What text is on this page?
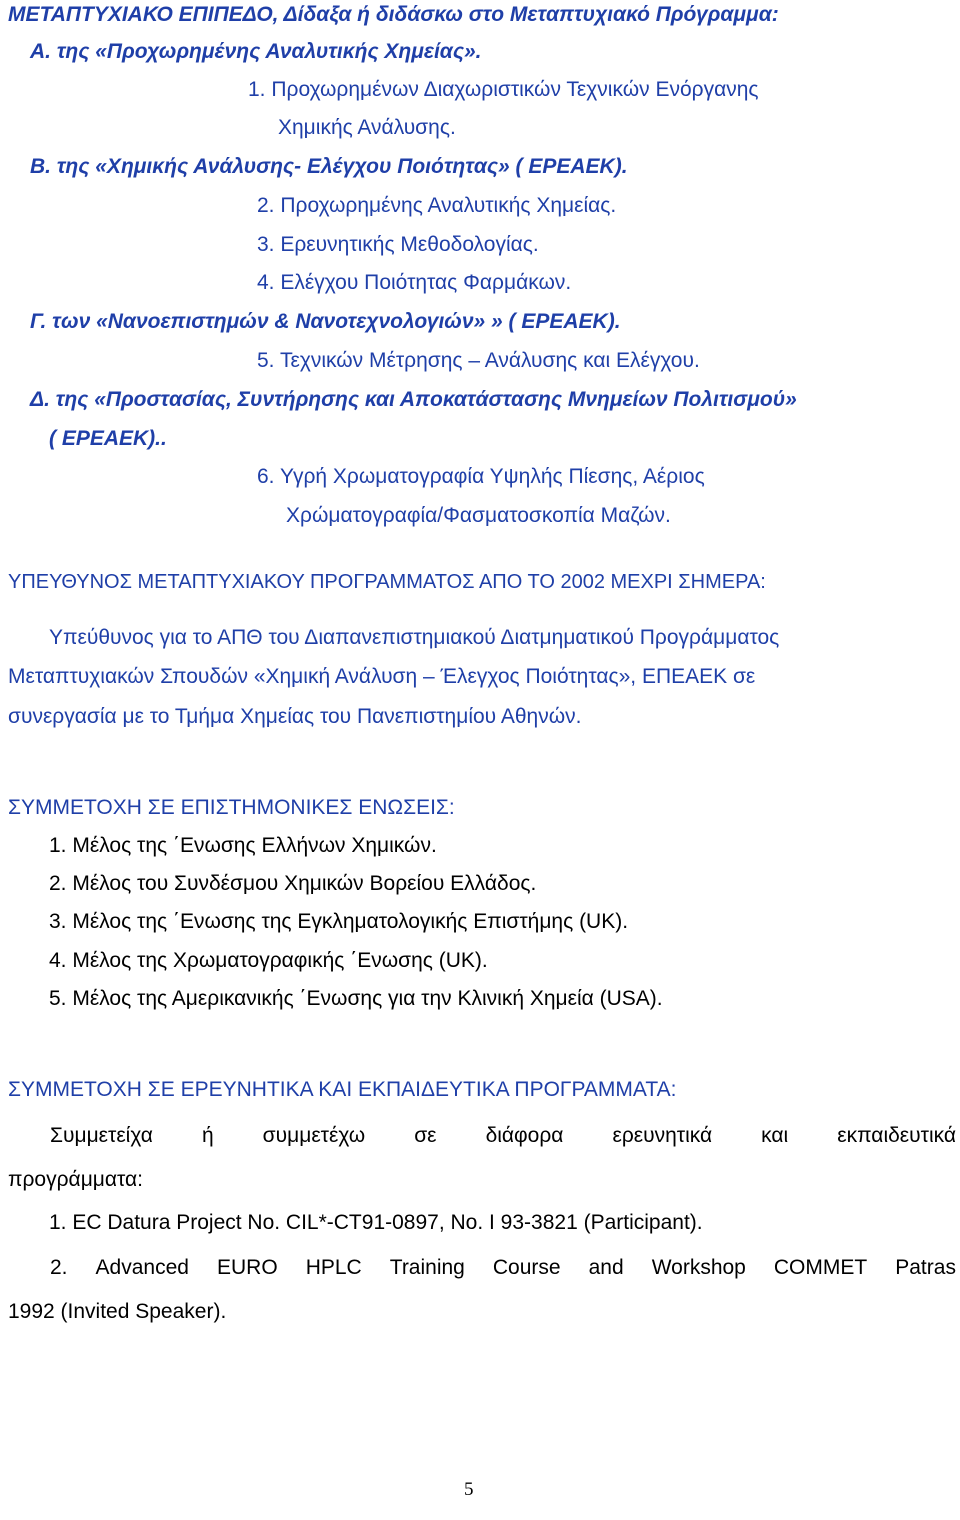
ΜΕΤΑΠΤΥΧΙΑΚΟ ΕΠΙΠΕΔΟ, Δίδαξα ή διδάσκω στο Μεταπτυχιακό Πρόγραμμα:
Α. της «Προχωρημένης Αναλυτικής Χημείας».
1. Προχωρημένων Διαχωριστικών Τεχνικών Ενόργανης
Χημικής Ανάλυσης.
Β. της «Χημικής Ανάλυσης- Ελέγχου Ποιότητας» ( ΕΡΕΑΕΚ).
2. Προχωρημένης Αναλυτικής Χημείας.
3. Ερευνητικής Μεθοδολογίας.
4. Ελέγχου Ποιότητας Φαρμάκων.
Γ. των «Νανοεπιστημών & Νανοτεχνολογιών» » ( ΕΡΕΑΕΚ).
5. Τεχνικών Μέτρησης – Ανάλυσης και Ελέγχου.
Δ. της «Προστασίας, Συντήρησης και Αποκατάστασης Μνημείων Πολιτισμού»
( ΕΡΕΑΕΚ)..
6. Υγρή Χρωματογραφία Υψηλής Πίεσης, Αέριος
Χρώματογραφία/Φασματοσκοπία Μαζών.
ΥΠΕΥΘΥΝΟΣ ΜΕΤΑΠΤΥΧΙΑΚΟΥ ΠΡΟΓΡΑΜΜΑΤΟΣ ΑΠΟ ΤΟ 2002 ΜΕΧΡΙ ΣΗΜΕΡΑ:
Υπεύθυνος για το ΑΠΘ του Διαπανεπιστημιακού Διατμηματικού Προγράμματος
Μεταπτυχιακών Σπουδών «Χημική Ανάλυση – Έλεγχος Ποιότητας», ΕΠΕΑΕΚ σε
συνεργασία με το Τμήμα Χημείας του Πανεπιστημίου Αθηνών.
ΣΥΜΜΕΤΟΧΗ ΣΕ ΕΠΙΣΤΗΜΟΝΙΚΕΣ ΕΝΩΣΕΙΣ:
1. Μέλος της ΄Ενωσης Ελλήνων Χημικών.
2. Μέλος του Συνδέσμου Χημικών Βορείου Ελλάδος.
3. Μέλος της ΄Ενωσης της Εγκληματολογικής Επιστήμης (UK).
4. Μέλος της Χρωματογραφικής ΄Ενωσης (UK).
5. Μέλος της Αμερικανικής ΄Ενωσης για την Κλινική Χημεία (USA).
ΣΥΜΜΕΤΟΧΗ ΣΕ ΕΡΕΥΝΗΤΙΚΑ ΚΑΙ ΕΚΠΑΙΔΕΥΤΙΚΑ ΠΡΟΓΡΑΜΜΑΤΑ:
Συμμετείχα ή συμμετέχω σε διάφορα ερευνητικά και εκπαιδευτικά
προγράμματα:
1. EC Datura Project No. CIL*-CT91-0897, No. I 93-3821 (Participant).
2. Advanced EURO HPLC Training Course and Workshop COMMET Patras
1992 (Invited Speaker).
5
